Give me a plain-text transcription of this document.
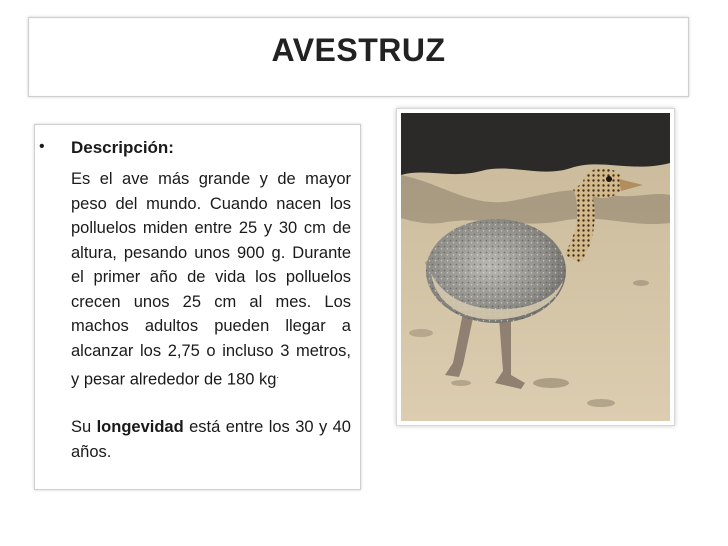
AVESTRUZ
• Descripción:

Es el ave más grande y de mayor peso del mundo. Cuando nacen los polluelos miden entre 25 y 30 cm de altura, pesando unos 900 g. Durante el primer año de vida los polluelos crecen unos 25 cm al mes. Los machos adultos pueden llegar a alcanzar los 2,75 o incluso 3 metros, y pesar alrededor de 180 kg.

Su longevidad está entre los 30 y 40 años.
